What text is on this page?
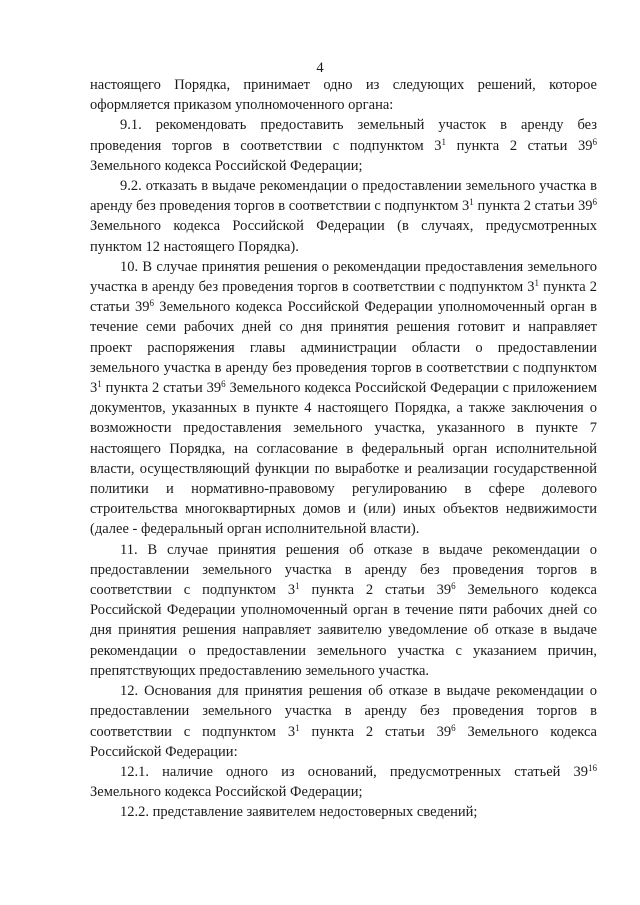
4

настоящего Порядка, принимает одно из следующих решений, которое оформляется приказом уполномоченного органа:

9.1. рекомендовать предоставить земельный участок в аренду без проведения торгов в соответствии с подпунктом $3^1$ пункта 2 статьи $39^6$ Земельного кодекса Российской Федерации;

9.2. отказать в выдаче рекомендации о предоставлении земельного участка в аренду без проведения торгов в соответствии с подпунктом $3^1$ пункта 2 статьи $39^6$ Земельного кодекса Российской Федерации (в случаях, предусмотренных пунктом 12 настоящего Порядка).

10. В случае принятия решения о рекомендации предоставления земельного участка в аренду без проведения торгов в соответствии с подпунктом $3^1$ пункта 2 статьи $39^6$ Земельного кодекса Российской Федерации уполномоченный орган в течение семи рабочих дней со дня принятия решения готовит и направляет проект распоряжения главы администрации области о предоставлении земельного участка в аренду без проведения торгов в соответствии с подпунктом $3^1$ пункта 2 статьи $39^6$ Земельного кодекса Российской Федерации с приложением документов, указанных в пункте 4 настоящего Порядка, а также заключения о возможности предоставления земельного участка, указанного в пункте 7 настоящего Порядка, на согласование в федеральный орган исполнительной власти, осуществляющий функции по выработке и реализации государственной политики и нормативно-правовому регулированию в сфере долевого строительства многоквартирных домов и (или) иных объектов недвижимости (далее - федеральный орган исполнительной власти).

11. В случае принятия решения об отказе в выдаче рекомендации о предоставлении земельного участка в аренду без проведения торгов в соответствии с подпунктом $3^1$ пункта 2 статьи $39^6$ Земельного кодекса Российской Федерации уполномоченный орган в течение пяти рабочих дней со дня принятия решения направляет заявителю уведомление об отказе в выдаче рекомендации о предоставлении земельного участка с указанием причин, препятствующих предоставлению земельного участка.

12. Основания для принятия решения об отказе в выдаче рекомендации о предоставлении земельного участка в аренду без проведения торгов в соответствии с подпунктом $3^1$ пункта 2 статьи $39^6$ Земельного кодекса Российской Федерации:

12.1. наличие одного из оснований, предусмотренных статьей $39^{16}$ Земельного кодекса Российской Федерации;

12.2. представление заявителем недостоверных сведений;
